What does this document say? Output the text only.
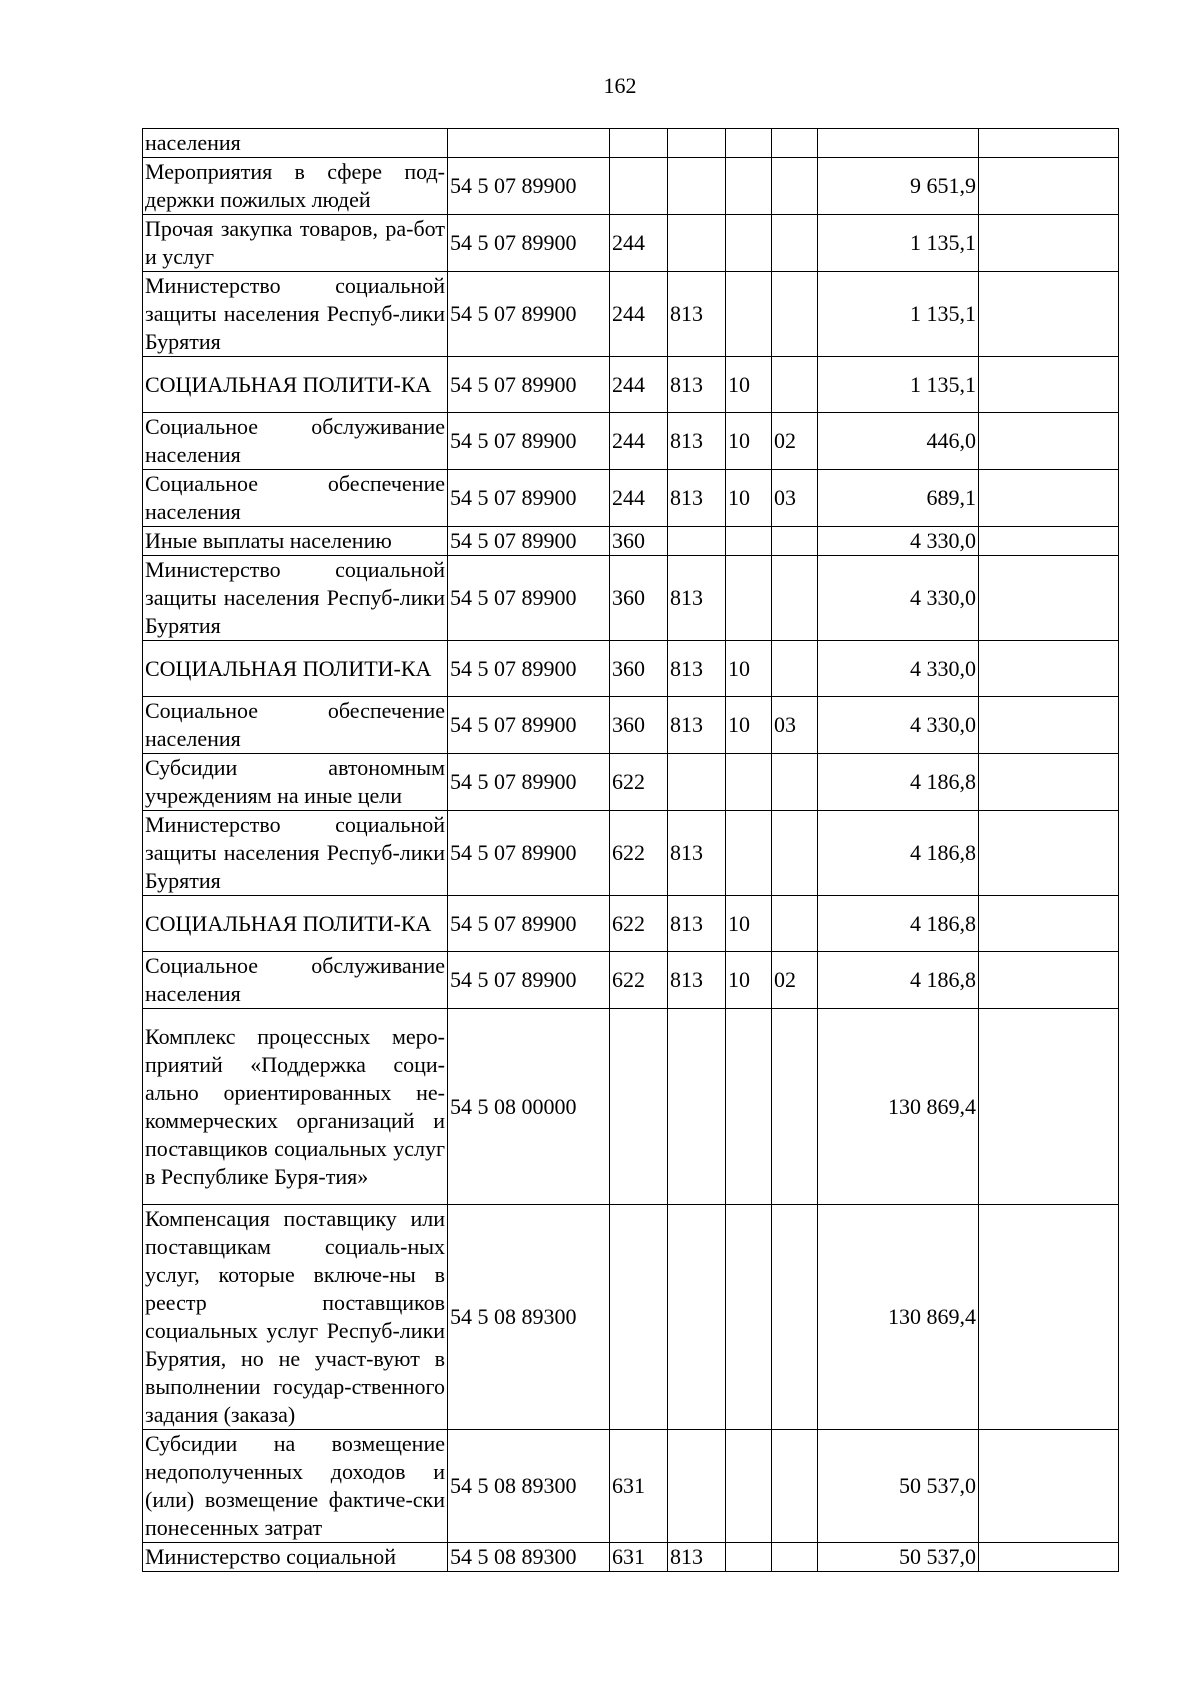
162
населения							
Мероприятия в сфере под-держки пожилых людей	54 5 07 89900					9 651,9	
Прочая закупка товаров, ра-бот и услуг	54 5 07 89900	244				1 135,1	
Министерство социальной защиты населения Респуб-лики Бурятия	54 5 07 89900	244	813			1 135,1	
СОЦИАЛЬНАЯ ПОЛИТИ-КА	54 5 07 89900	244	813	10		1 135,1	
Социальное обслуживание населения	54 5 07 89900	244	813	10	02	446,0	
Социальное обеспечение населения	54 5 07 89900	244	813	10	03	689,1	
Иные выплаты населению	54 5 07 89900	360				4 330,0	
Министерство социальной защиты населения Респуб-лики Бурятия	54 5 07 89900	360	813			4 330,0	
СОЦИАЛЬНАЯ ПОЛИТИ-КА	54 5 07 89900	360	813	10		4 330,0	
Социальное обеспечение населения	54 5 07 89900	360	813	10	03	4 330,0	
Субсидии автономным учреждениям на иные цели	54 5 07 89900	622				4 186,8	
Министерство социальной защиты населения Респуб-лики Бурятия	54 5 07 89900	622	813			4 186,8	
СОЦИАЛЬНАЯ ПОЛИТИ-КА	54 5 07 89900	622	813	10		4 186,8	
Социальное обслуживание населения	54 5 07 89900	622	813	10	02	4 186,8	
Комплекс процессных меро-приятий «Поддержка соци-ально ориентированных не-коммерческих организаций и поставщиков социальных услуг в Республике Буря-тия»	54 5 08 00000					130 869,4	
Компенсация поставщику или поставщикам социаль-ных услуг, которые включе-ны в реестр поставщиков социальных услуг Респуб-лики Бурятия, но не участ-вуют в выполнении государ-ственного задания (заказа)	54 5 08 89300					130 869,4	
Субсидии на возмещение недополученных доходов и (или) возмещение фактиче-ски понесенных затрат	54 5 08 89300	631				50 537,0	
Министерство социальной	54 5 08 89300	631	813			50 537,0	
